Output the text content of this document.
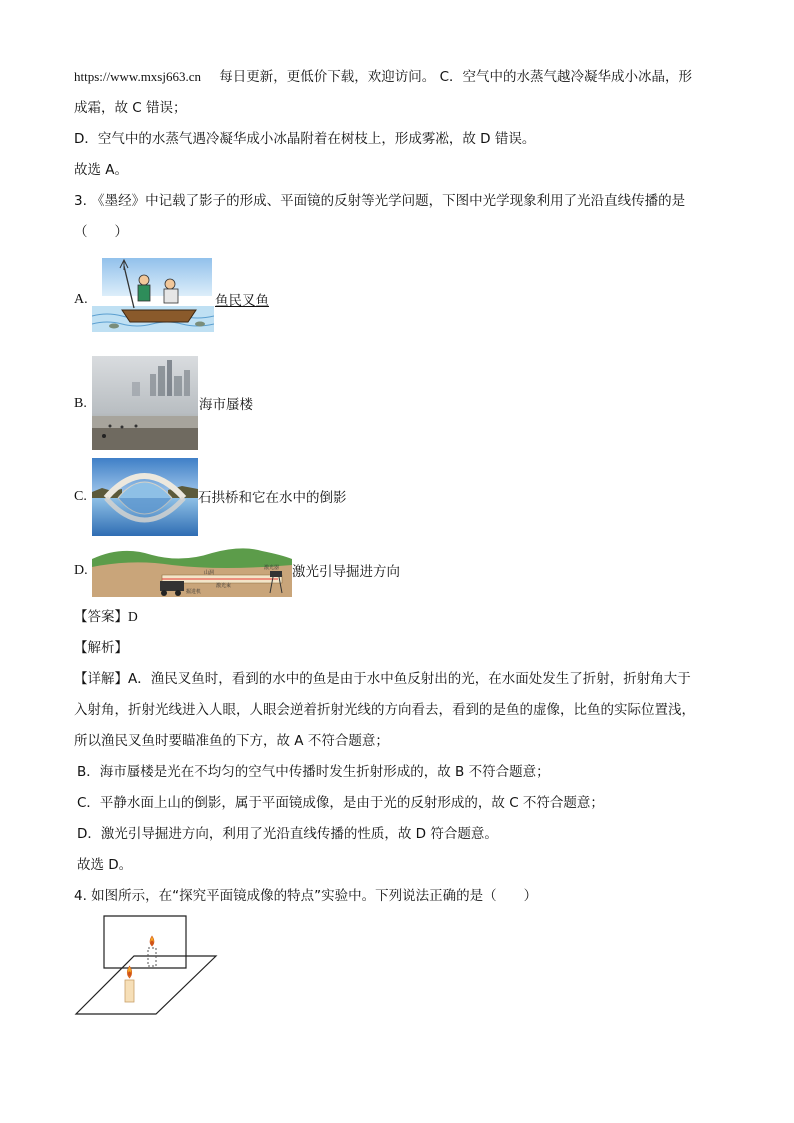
https://www.mxsj663.cn 每日更新，更低价下载，欢迎访问。 C．空气中的水蒸气越冷凝华成小冰晶，形
成霜，故 C 错误；
D．空气中的水蒸气遇冷凝华成小冰晶附着在树枝上，形成雾凇，故 D 错误。
故选 A。
3. 《墨经》中记载了影子的形成、平面镜的反射等光学问题，下图中光学现象利用了光沿直线传播的是
（　　）
A.	鱼民叉鱼
B.	海市蜃楼
C.	石拱桥和它在水中的倒影
D.	山洞
激光束
激光器
掘进机
激光引导掘进方向
【答案】D
【解析】
【详解】A．渔民叉鱼时，看到的水中的鱼是由于水中鱼反射出的光，在水面处发生了折射，折射角大于
入射角，折射光线进入人眼，人眼会逆着折射光线的方向看去，看到的是鱼的虚像，比鱼的实际位置浅，
所以渔民叉鱼时要瞄准鱼的下方，故 A 不符合题意；
B．海市蜃楼是光在不均匀的空气中传播时发生折射形成的，故 B 不符合题意；
C．平静水面上山的倒影，属于平面镜成像，是由于光的反射形成的，故 C 不符合题意；
D．激光引导掘进方向，利用了光沿直线传播的性质，故 D 符合题意。
故选 D。
4. 如图所示，在“探究平面镜成像的特点”实验中。下列说法正确的是（　　）
